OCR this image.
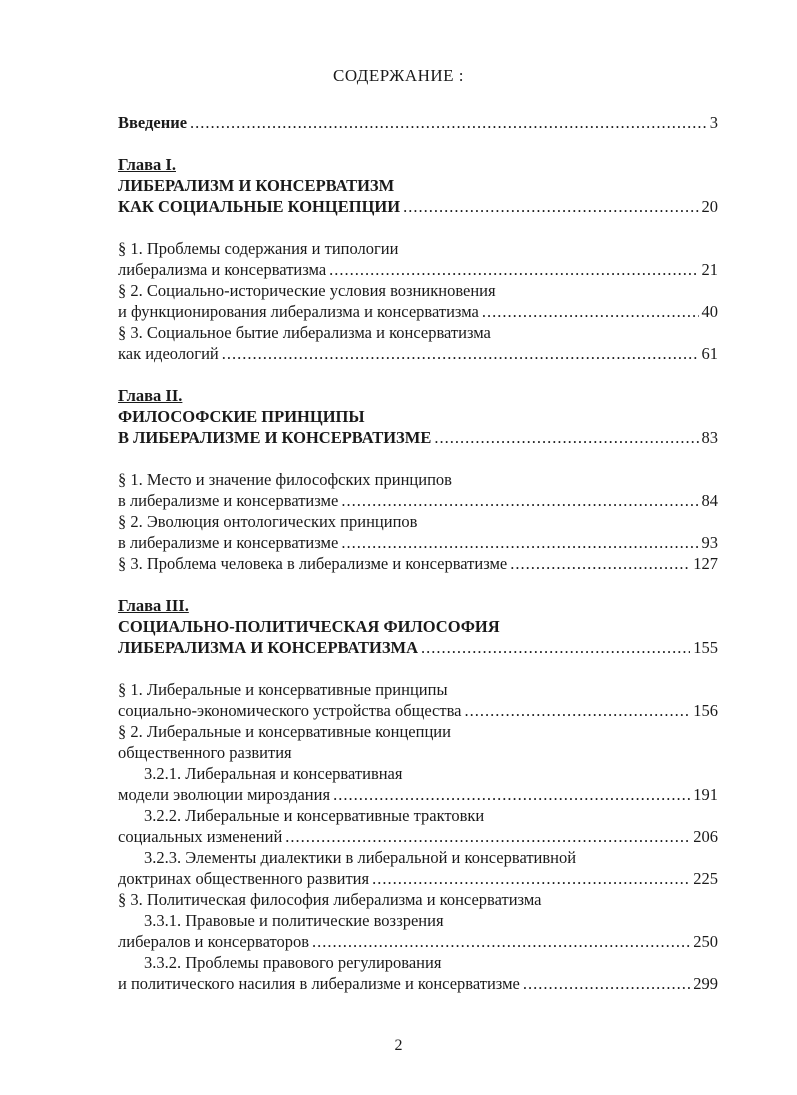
СОДЕРЖАНИЕ :
Введение .....	3
Глава I.
ЛИБЕРАЛИЗМ И КОНСЕРВАТИЗМ
КАК СОЦИАЛЬНЫЕ КОНЦЕПЦИИ .....	20
§ 1. Проблемы содержания и типологии
либерализма и консерватизма .....	21
§ 2. Социально-исторические условия возникновения
и функционирования либерализма и консерватизма .....	40
§ 3. Социальное бытие либерализма и консерватизма
как идеологий .....	61
Глава II.
ФИЛОСОФСКИЕ ПРИНЦИПЫ
В ЛИБЕРАЛИЗМЕ И КОНСЕРВАТИЗМЕ .....	83
§ 1. Место и значение философских принципов
в либерализме и консерватизме .....	84
§ 2. Эволюция онтологических принципов
в либерализме и консерватизме .....	93
§ 3. Проблема человека в либерализме и консерватизме .....	127
Глава III.
СОЦИАЛЬНО-ПОЛИТИЧЕСКАЯ ФИЛОСОФИЯ
ЛИБЕРАЛИЗМА И КОНСЕРВАТИЗМА .....	155
§ 1. Либеральные и консервативные принципы
социально-экономического устройства общества .....	156
§ 2. Либеральные и консервативные концепции
общественного развития
3.2.1. Либеральная и консервативная
модели эволюции мироздания .....	191
3.2.2. Либеральные и консервативные трактовки
социальных изменений .....	206
3.2.3. Элементы диалектики в либеральной и консервативной
доктринах общественного развития .....	225
§ 3. Политическая философия либерализма и консерватизма
3.3.1. Правовые и политические воззрения
либералов и консерваторов .....	250
3.3.2. Проблемы правового регулирования
и политического насилия в либерализме и консерватизме .....	299
2
